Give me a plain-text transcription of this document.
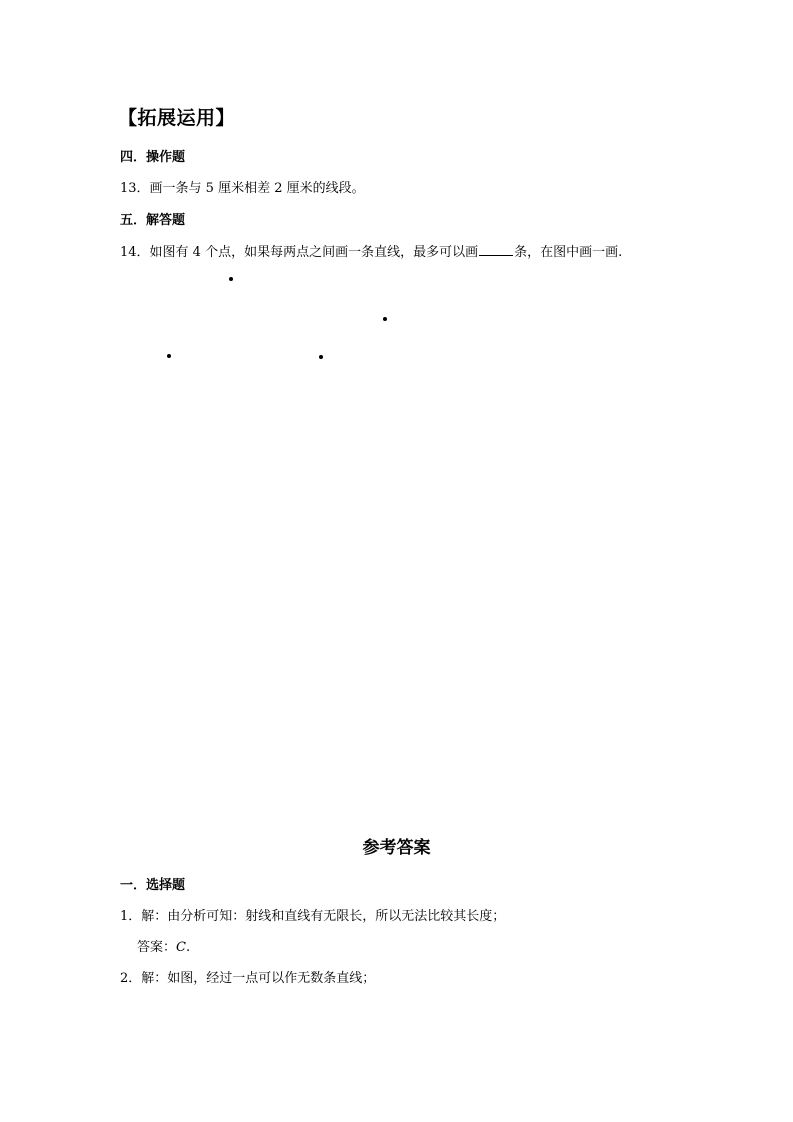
【拓展运用】
四．操作题
13．画一条与 5 厘米相差 2 厘米的线段。
五．解答题
14．如图有 4 个点，如果每两点之间画一条直线，最多可以画	条，在图中画一画.
参考答案
一．选择题
1．解：由分析可知：射线和直线有无限长，所以无法比较其长度；
答案：C.
2．解：如图，经过一点可以作无数条直线；
